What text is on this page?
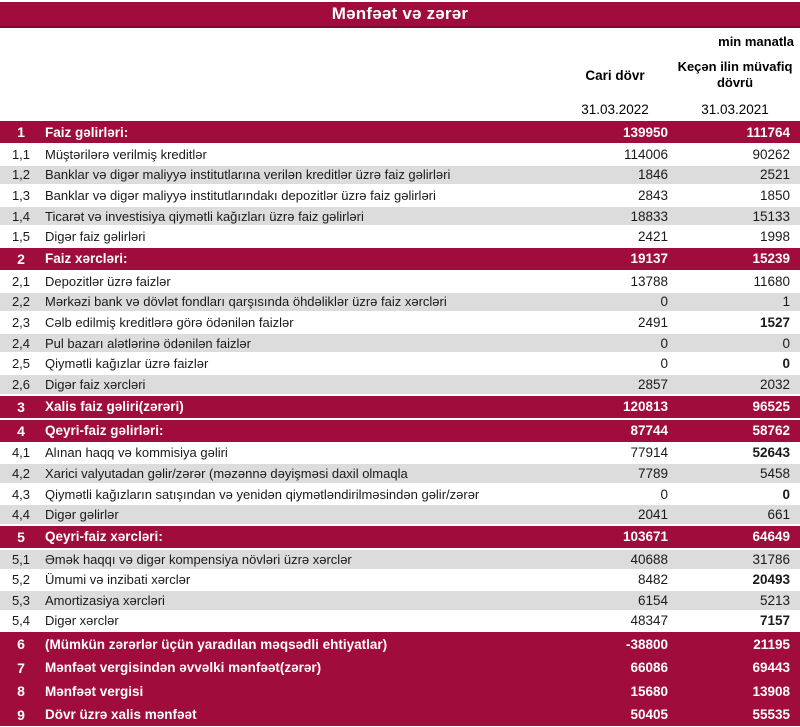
Mənfəət və zərər
min manatla
Cari dövr
Keçən ilin müvafiq dövrü
31.03.2022	31.03.2021
1	Faiz gəlirləri:	139950	111764
1,1	Müştərilərə verilmiş kreditlər	114006	90262
1,2	Banklar və digər maliyyə institutlarına verilən kreditlər üzrə faiz gəlirləri	1846	2521
1,3	Banklar və digər maliyyə institutlarındakı depozitlər üzrə faiz gəlirləri	2843	1850
1,4	Ticarət və investisiya qiymətli kağızları üzrə faiz gəlirləri	18833	15133
1,5	Digər faiz gəlirləri	2421	1998
2	Faiz xərcləri:	19137	15239
2,1	Depozitlər üzrə faizlər	13788	11680
2,2	Mərkəzi bank və dövlət fondları qarşısında öhdəliklər üzrə faiz xərcləri	0	1
2,3	Cəlb edilmiş kreditlərə görə ödənilən faizlər	2491	1527
2,4	Pul bazarı alətlərinə ödənilən faizlər	0	0
2,5	Qiymətli kağızlar üzrə faizlər	0	0
2,6	Digər faiz xərcləri	2857	2032
3	Xalis faiz gəliri(zərəri)	120813	96525
4	Qeyri-faiz gəlirləri:	87744	58762
4,1	Alınan haqq və kommisiya gəliri	77914	52643
4,2	Xarici valyutadan gəlir/zərər (məzənnə dəyişməsi daxil olmaqla	7789	5458
4,3	Qiymətli kağızların satışından və yenidən qiymətləndirilməsindən gəlir/zərər	0	0
4,4	Digər gəlirlər	2041	661
5	Qeyri-faiz xərcləri:	103671	64649
5,1	Əmək haqqı və digər kompensiya növləri üzrə xərclər	40688	31786
5,2	Ümumi və inzibati xərclər	8482	20493
5,3	Amortizasiya xərcləri	6154	5213
5,4	Digər xərclər	48347	7157
6	(Mümkün zərərlər üçün yaradılan məqsədli ehtiyatlar)	-38800	21195
7	Mənfəət vergisindən əvvəlki mənfəət(zərər)	66086	69443
8	Mənfəət vergisi	15680	13908
9	Dövr üzrə xalis mənfəət	50405	55535
